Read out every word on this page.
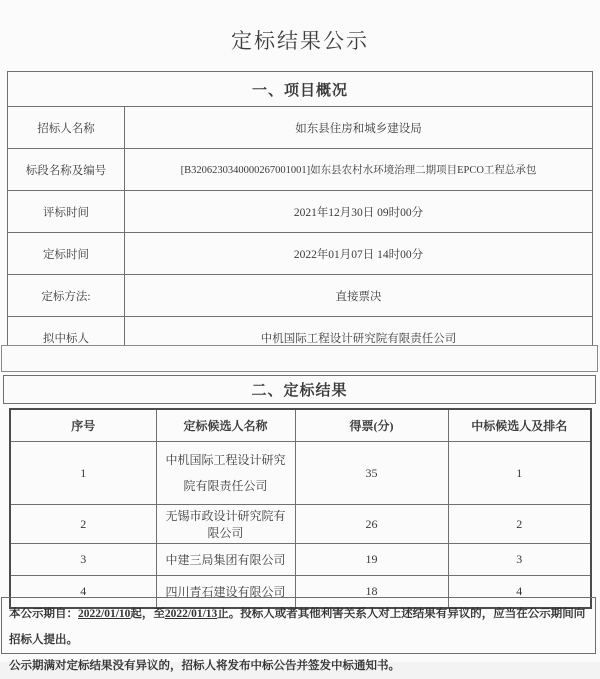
定标结果公示
一、项目概况	
招标人名称	如东县住房和城乡建设局
标段名称及编号	[B3206230340000267001001]如东县农村水环境治理二期项目EPCO工程总承包
评标时间	2021年12月30日 09时00分
定标时间	2022年01月07日 14时00分
定标方法:	直接票决
拟中标人	中机国际工程设计研究院有限责任公司
二、定标结果
序号	定标候选人名称	得票(分)	中标候选人及排名
1	中机国际工程设计研究院有限责任公司	35	1
2	无锡市政设计研究院有限公司	26	2
3	中建三局集团有限公司	19	3
4	四川青石建设有限公司	18	4
本公示期自：2022/01/10起，至2022/01/13止。投标人或者其他利害关系人对上述结果有异议的，应当在公示期间向招标人提出。
公示期满对定标结果没有异议的，招标人将发布中标公告并签发中标通知书。
